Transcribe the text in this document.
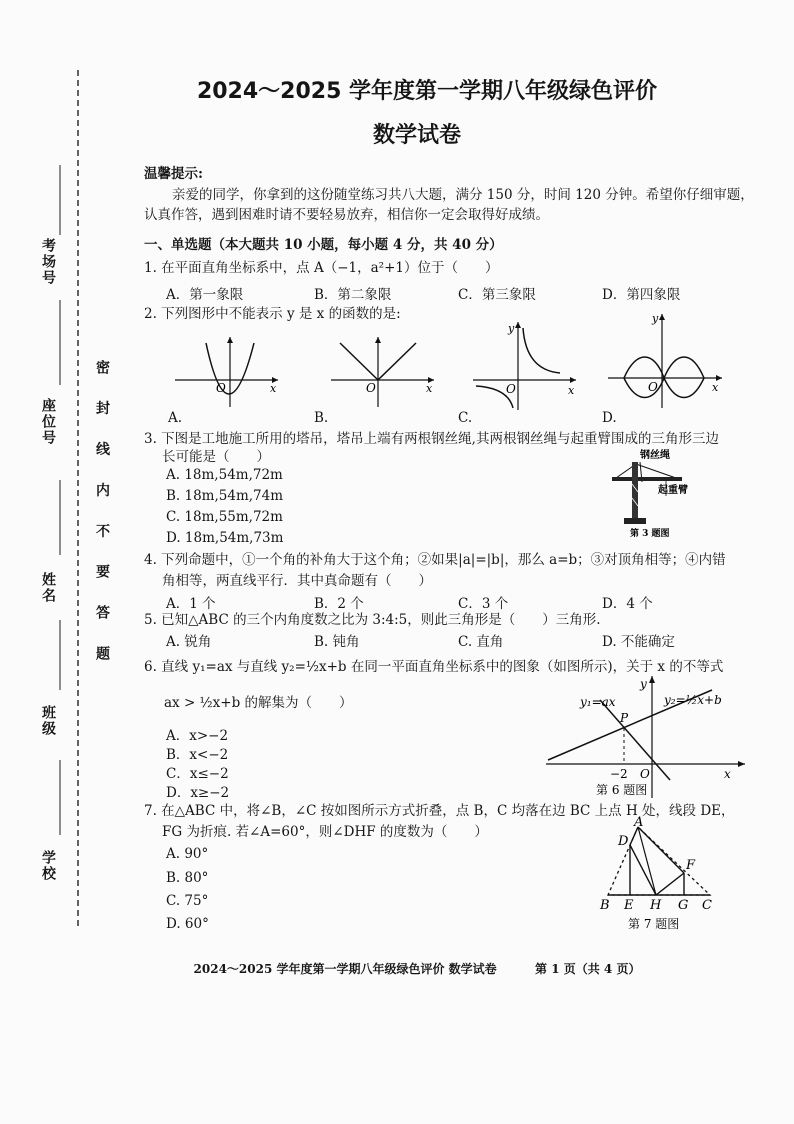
考场号
座位号
姓名
班级
学校
密 封 线 内 不 要 答 题
2024～2025 学年度第一学期八年级绿色评价
数学试卷
温馨提示:
亲爱的同学，你拿到的这份随堂练习共八大题，满分 150 分，时间 120 分钟。希望你仔细审题，
认真作答，遇到困难时请不要轻易放弃，相信你一定会取得好成绩。
一、单选题（本大题共 10 小题，每小题 4 分，共 40 分）
1. 在平面直角坐标系中，点 A（−1，a²+1）位于（　　）
A．第一象限	B．第二象限	C．第三象限	D．第四象限
2. 下列图形中不能表示 y 是 x 的函数的是:
O	x	O	x
y
O	x
y
O	x
A.	B.	C.	D.
3. 下图是工地施工所用的塔吊，塔吊上端有两根钢丝绳,其两根钢丝绳与起重臂围成的三角形三边
长可能是（　　）
A. 18m,54m,72m
B. 18m,54m,74m
C. 18m,55m,72m
D. 18m,54m,73m
钢丝绳
起重臂
第 3 题图
4. 下列命题中，①一个角的补角大于这个角；②如果|a|=|b|，那么 a=b；③对顶角相等；④内错
角相等，两直线平行．其中真命题有（　　）
A．1 个	B．2 个	C．3 个	D．4 个
5. 已知△ABC 的三个内角度数之比为 3:4:5，则此三角形是（　　）三角形.
A. 锐角	B. 钝角	C. 直角	D. 不能确定
6. 直线 y₁=ax 与直线 y₂=½x+b 在同一平面直角坐标系中的图象（如图所示)，关于 x 的不等式
ax > ½x+b 的解集为（　　）
A．x>−2
B．x<−2
C．x≤−2
D．x≥−2
y₁=ax	y₂=½x+b
P
−2 O	x
y
第 6 题图
7. 在△ABC 中，将∠B，∠C 按如图所示方式折叠，点 B，C 均落在边 BC 上点 H 处，线段 DE，
FG 为折痕. 若∠A=60°，则∠DHF 的度数为（　　）
A. 90°
B. 80°
C. 75°
D. 60°
A
D
F
B E H G C
第 7 题图
2024～2025 学年度第一学期八年级绿色评价 数学试卷	第 1 页（共 4 页）
